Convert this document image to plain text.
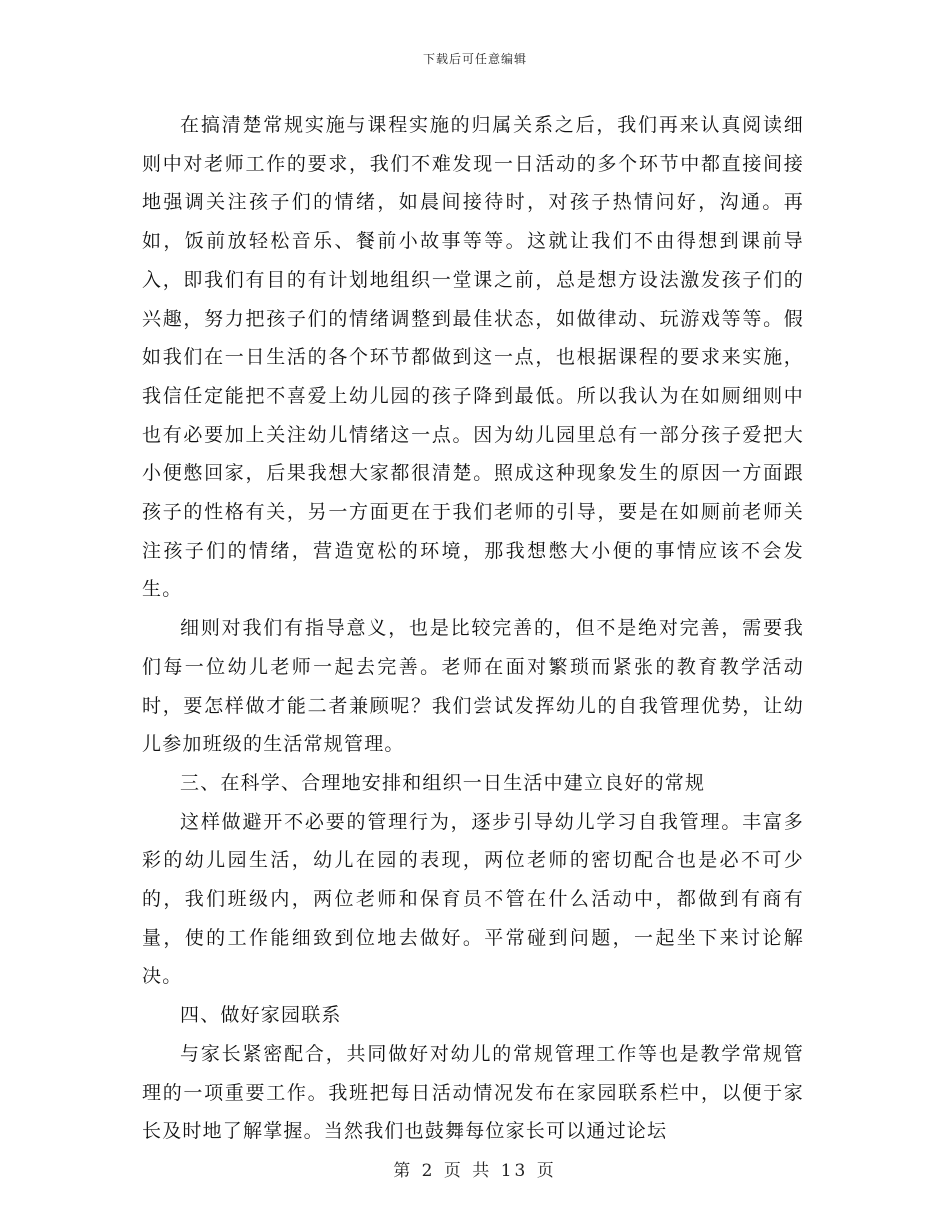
下载后可任意编辑

在搞清楚常规实施与课程实施的归属关系之后，我们再来认真阅读细则中对老师工作的要求，我们不难发现一日活动的多个环节中都直接间接地强调关注孩子们的情绪，如晨间接待时，对孩子热情问好，沟通。再如，饭前放轻松音乐、餐前小故事等等。这就让我们不由得想到课前导入，即我们有目的有计划地组织一堂课之前，总是想方设法激发孩子们的兴趣，努力把孩子们的情绪调整到最佳状态，如做律动、玩游戏等等。假如我们在一日生活的各个环节都做到这一点，也根据课程的要求来实施，我信任定能把不喜爱上幼儿园的孩子降到最低。所以我认为在如厕细则中也有必要加上关注幼儿情绪这一点。因为幼儿园里总有一部分孩子爱把大小便憋回家，后果我想大家都很清楚。照成这种现象发生的原因一方面跟孩子的性格有关，另一方面更在于我们老师的引导，要是在如厕前老师关注孩子们的情绪，营造宽松的环境，那我想憋大小便的事情应该不会发生。

细则对我们有指导意义，也是比较完善的，但不是绝对完善，需要我们每一位幼儿老师一起去完善。老师在面对繁琐而紧张的教育教学活动时，要怎样做才能二者兼顾呢？我们尝试发挥幼儿的自我管理优势，让幼儿参加班级的生活常规管理。

三、在科学、合理地安排和组织一日生活中建立良好的常规

这样做避开不必要的管理行为，逐步引导幼儿学习自我管理。丰富多彩的幼儿园生活，幼儿在园的表现，两位老师的密切配合也是必不可少的，我们班级内，两位老师和保育员不管在什么活动中，都做到有商有量，使的工作能细致到位地去做好。平常碰到问题，一起坐下来讨论解决。

四、做好家园联系

与家长紧密配合，共同做好对幼儿的常规管理工作等也是教学常规管理的一项重要工作。我班把每日活动情况发布在家园联系栏中，以便于家长及时地了解掌握。当然我们也鼓舞每位家长可以通过论坛

第 2 页 共 13 页
